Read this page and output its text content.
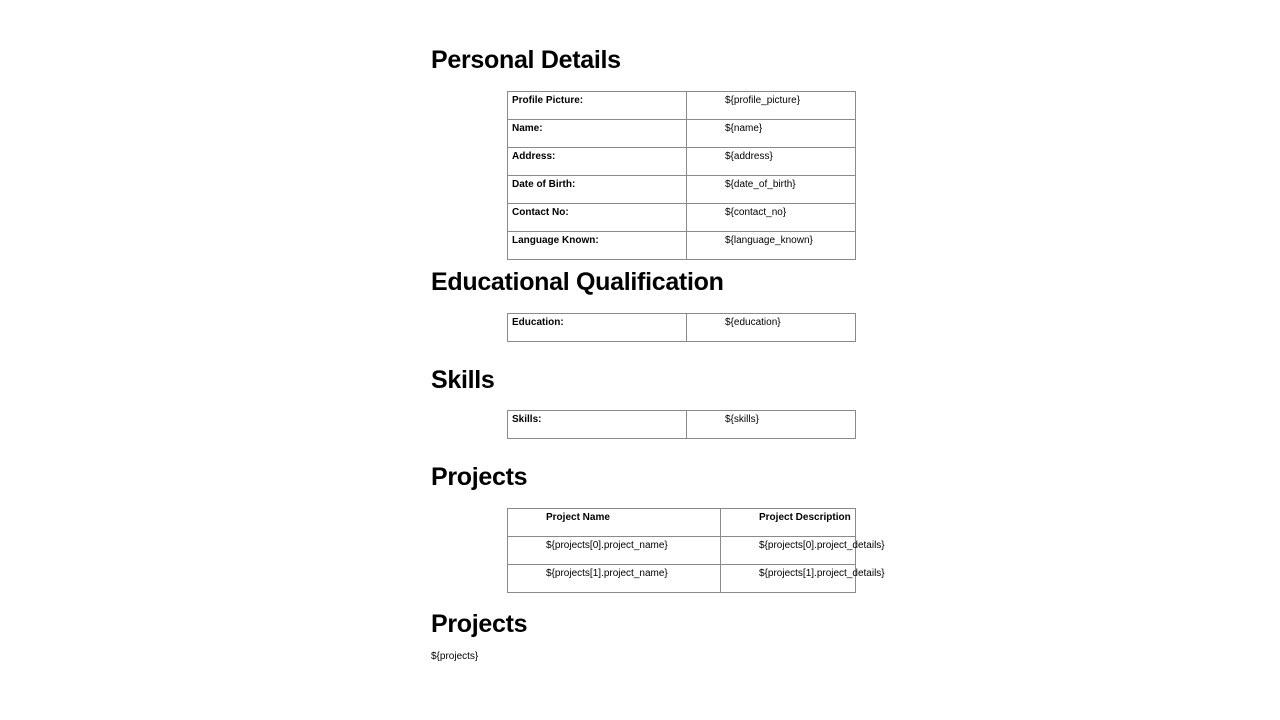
Personal Details
Profile Picture:	${profile_picture}
Name:	${name}
Address:	${address}
Date of Birth:	${date_of_birth}
Contact No:	${contact_no}
Language Known:	${language_known}
Educational Qualification
Education:	${education}
Skills
Skills:	${skills}
Projects
Project Name	Project Description
${projects[0].project_name}	${projects[0].project_details}
${projects[1].project_name}	${projects[1].project_details}
Projects
${projects}
